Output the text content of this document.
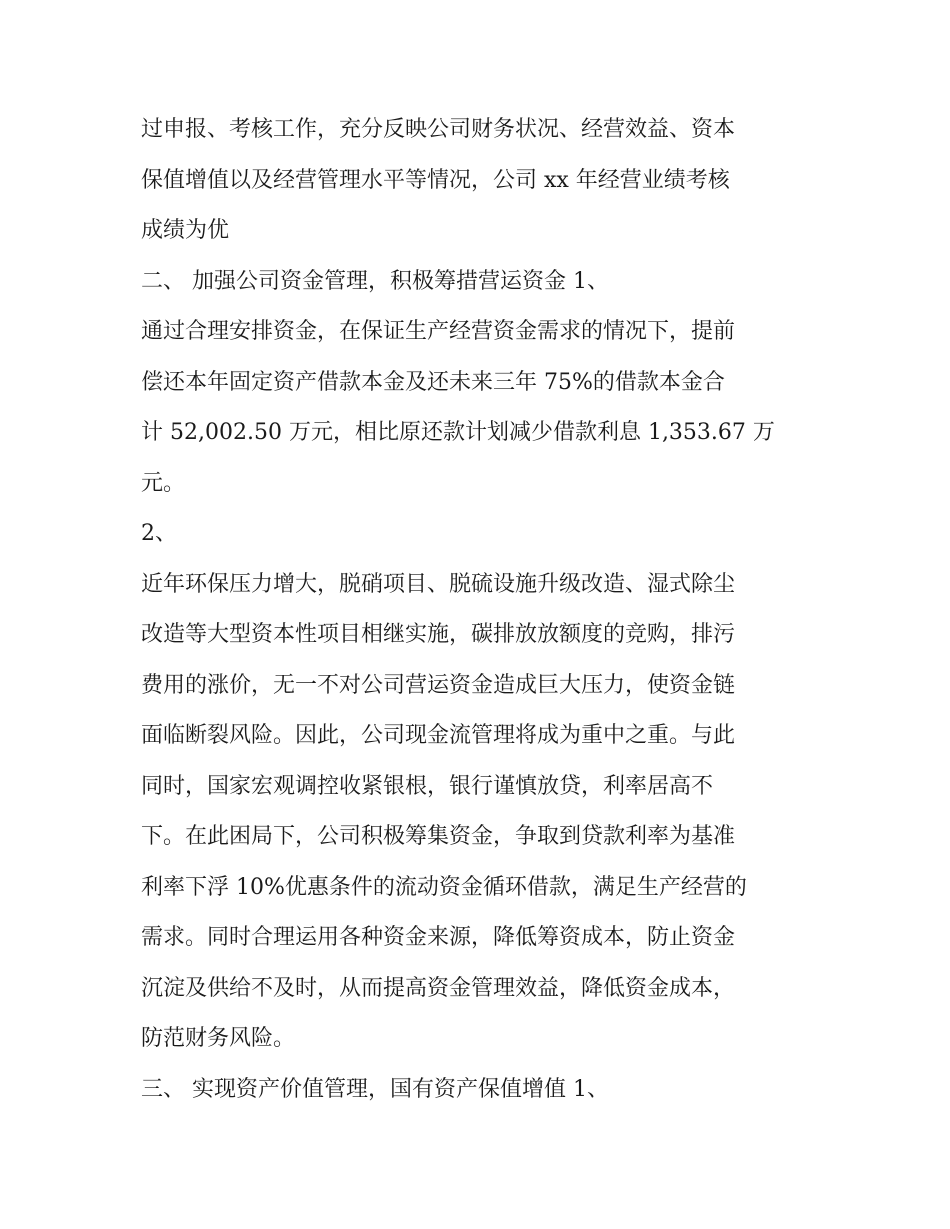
过申报、考核工作，充分反映公司财务状况、经营效益、资本
保值增值以及经营管理水平等情况，公司 xx 年经营业绩考核
成绩为优
二、 加强公司资金管理，积极筹措营运资金 1、
通过合理安排资金，在保证生产经营资金需求的情况下，提前
偿还本年固定资产借款本金及还未来三年 75%的借款本金合
计 52,002.50 万元，相比原还款计划减少借款利息 1,353.67 万
元。
2、
近年环保压力增大，脱硝项目、脱硫设施升级改造、湿式除尘
改造等大型资本性项目相继实施，碳排放放额度的竞购，排污
费用的涨价，无一不对公司营运资金造成巨大压力，使资金链
面临断裂风险。因此，公司现金流管理将成为重中之重。与此
同时，国家宏观调控收紧银根，银行谨慎放贷，利率居高不
下。在此困局下，公司积极筹集资金，争取到贷款利率为基准
利率下浮 10%优惠条件的流动资金循环借款，满足生产经营的
需求。同时合理运用各种资金来源，降低筹资成本，防止资金
沉淀及供给不及时，从而提高资金管理效益，降低资金成本，
防范财务风险。
三、 实现资产价值管理，国有资产保值增值 1、
